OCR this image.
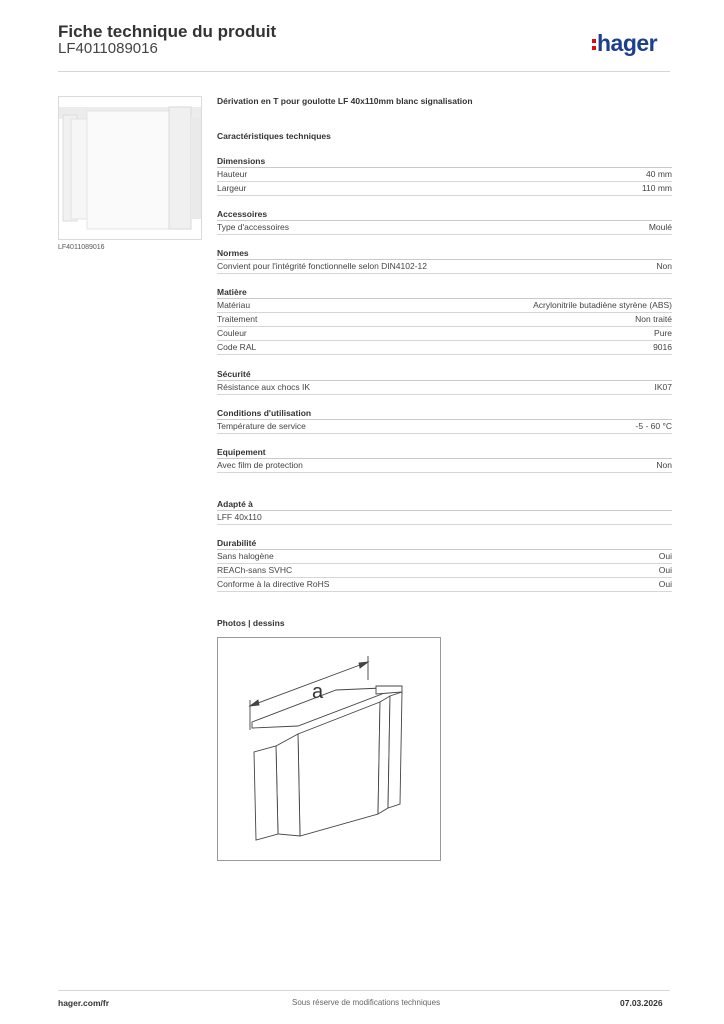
Fiche technique du produit
LF4011089016	hager
LF4011089016
Dérivation en T pour goulotte LF 40x110mm blanc signalisation
Caractéristiques techniques
Dimensions
Hauteur	40 mm
Largeur	110 mm
Accessoires
Type d'accessoires	Moulé
Normes
Convient pour l'intégrité fonctionnelle selon DIN4102-12	Non
Matière
Matériau	Acrylonitrile butadiène styrène (ABS)
Traitement	Non traité
Couleur	Pure
Code RAL	9016
Sécurité
Résistance aux chocs IK	IK07
Conditions d'utilisation
Température de service	-5 - 60 °C
Equipement
Avec film de protection	Non
Adapté à
LFF 40x110
Durabilité
Sans halogène	Oui
REACh-sans SVHC	Oui
Conforme à la directive RoHS	Oui
Photos | dessins
a
hager.com/fr	Sous réserve de modifications techniques	07.03.2026
